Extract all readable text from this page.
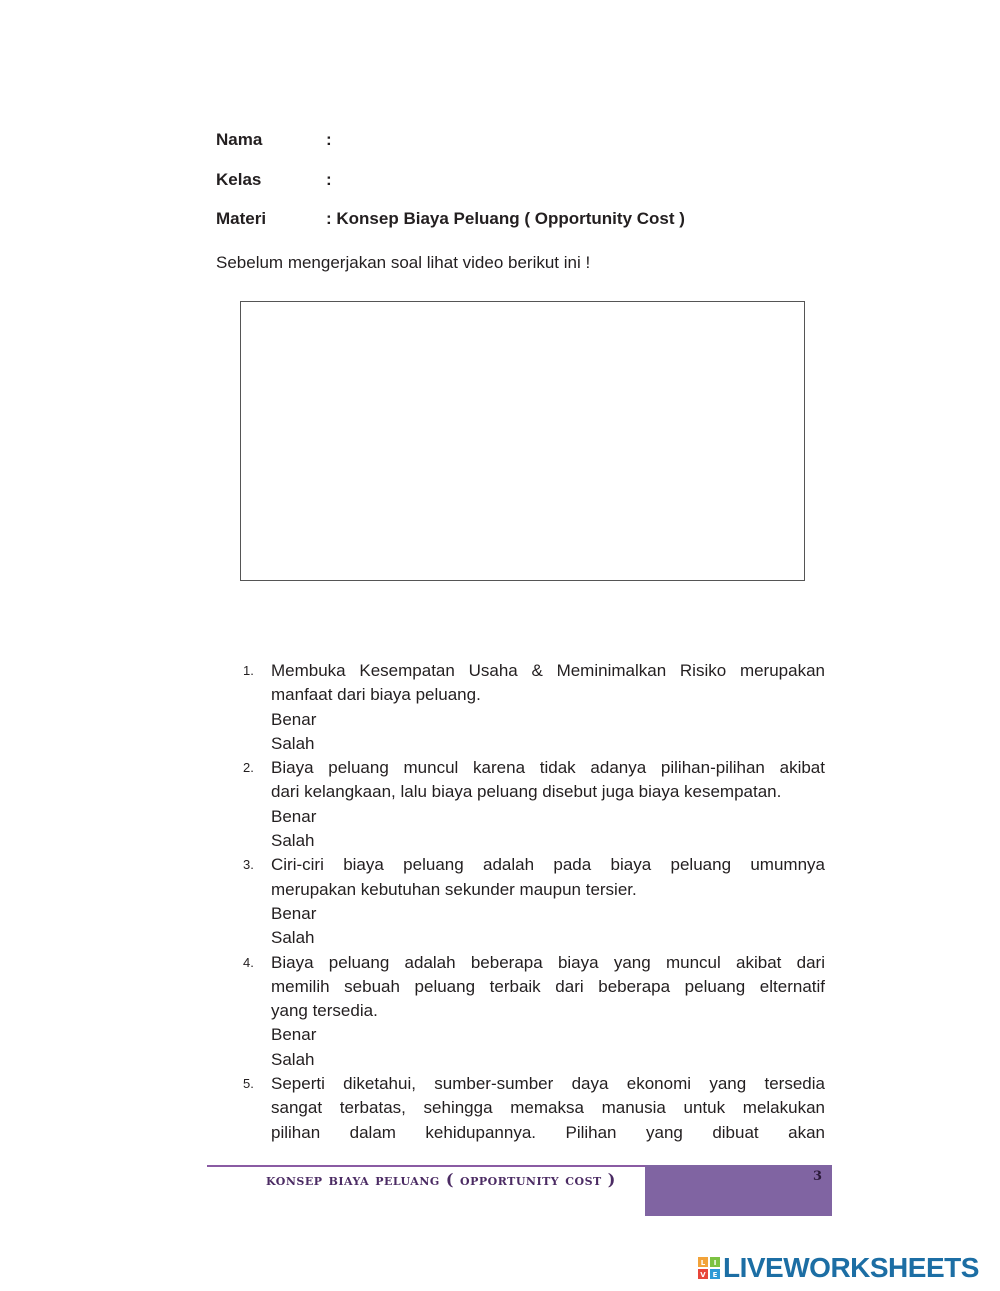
Nama	:
Kelas	:
Materi	: Konsep Biaya Peluang ( Opportunity Cost )
Sebelum mengerjakan soal lihat video berikut ini !
1. Membuka Kesempatan Usaha & Meminimalkan Risiko merupakan
manfaat dari biaya peluang.
Benar
Salah
2. Biaya peluang muncul karena tidak adanya pilihan-pilihan akibat
dari kelangkaan, lalu biaya peluang disebut juga biaya kesempatan.
Benar
Salah
3. Ciri-ciri biaya peluang adalah pada biaya peluang umumnya
merupakan kebutuhan sekunder maupun tersier.
Benar
Salah
4. Biaya peluang adalah beberapa biaya yang muncul akibat dari
memilih sebuah peluang terbaik dari beberapa peluang elternatif
yang tersedia.
Benar
Salah
5. Seperti diketahui, sumber-sumber daya ekonomi yang tersedia
sangat terbatas, sehingga memaksa manusia untuk melakukan
pilihan dalam kehidupannya. Pilihan yang dibuat akan
konsep biaya peluang ( opportunity cost )	3
L I
V E LIVEWORKSHEETS
